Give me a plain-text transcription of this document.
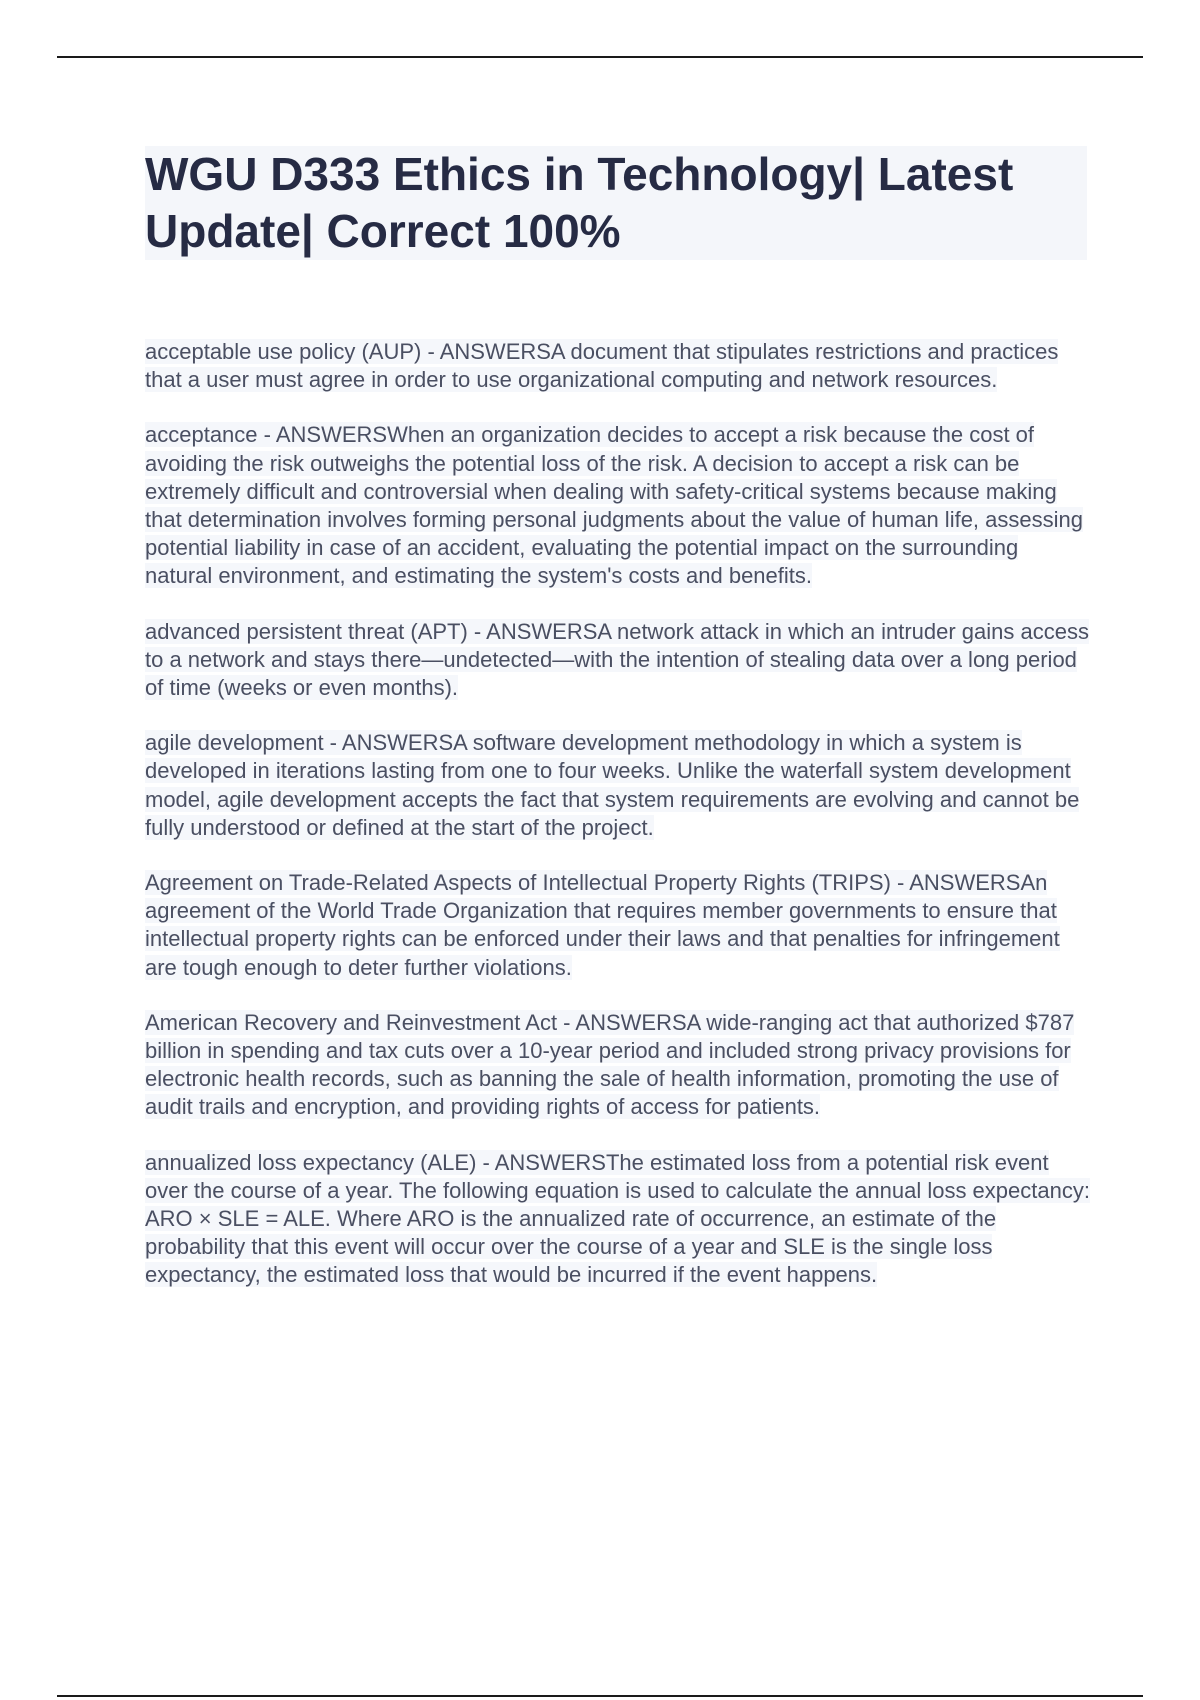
WGU D333 Ethics in Technology| Latest Update| Correct 100%

acceptable use policy (AUP) - ANSWERSA document that stipulates restrictions and practices that a user must agree in order to use organizational computing and network resources.

acceptance - ANSWERSWhen an organization decides to accept a risk because the cost of avoiding the risk outweighs the potential loss of the risk. A decision to accept a risk can be extremely difficult and controversial when dealing with safety-critical systems because making that determination involves forming personal judgments about the value of human life, assessing potential liability in case of an accident, evaluating the potential impact on the surrounding natural environment, and estimating the system's costs and benefits.

advanced persistent threat (APT) - ANSWERSA network attack in which an intruder gains access to a network and stays there—undetected—with the intention of stealing data over a long period of time (weeks or even months).

agile development - ANSWERSA software development methodology in which a system is developed in iterations lasting from one to four weeks. Unlike the waterfall system development model, agile development accepts the fact that system requirements are evolving and cannot be fully understood or defined at the start of the project.

Agreement on Trade-Related Aspects of Intellectual Property Rights (TRIPS) - ANSWERSAn agreement of the World Trade Organization that requires member governments to ensure that intellectual property rights can be enforced under their laws and that penalties for infringement are tough enough to deter further violations.

American Recovery and Reinvestment Act - ANSWERSA wide-ranging act that authorized $787 billion in spending and tax cuts over a 10-year period and included strong privacy provisions for electronic health records, such as banning the sale of health information, promoting the use of audit trails and encryption, and providing rights of access for patients.

annualized loss expectancy (ALE) - ANSWERSThe estimated loss from a potential risk event over the course of a year. The following equation is used to calculate the annual loss expectancy: ARO × SLE = ALE. Where ARO is the annualized rate of occurrence, an estimate of the probability that this event will occur over the course of a year and SLE is the single loss expectancy, the estimated loss that would be incurred if the event happens.
